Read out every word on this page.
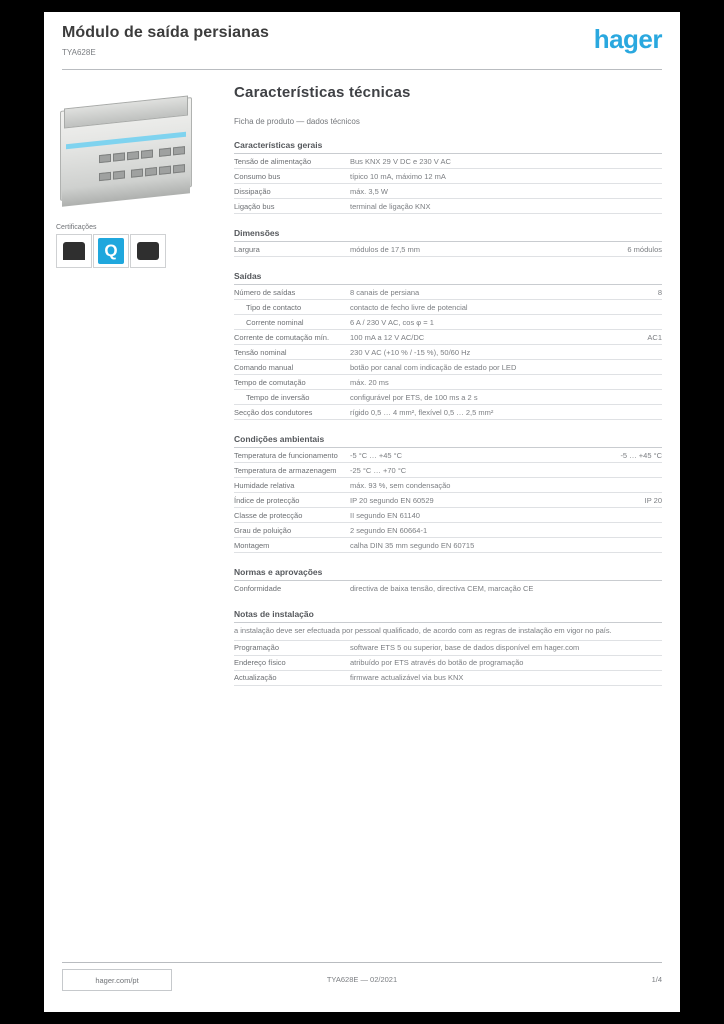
Módulo de saída persianas
TYA628E	hager

Certificações
Q
Características técnicas
Ficha de produto — dados técnicos
Características gerais
Tensão de alimentação	Bus KNX 29 V DC e 230 V AC
Consumo bus	típico 10 mA, máximo 12 mA
Dissipação	máx. 3,5 W
Ligação bus	terminal de ligação KNX
Dimensões
Largura	módulos de 17,5 mm	6 módulos
Saídas
Número de saídas	8 canais de persiana	8
Tipo de contacto	contacto de fecho livre de potencial
Corrente nominal	6 A / 230 V AC, cos φ = 1
Corrente de comutação mín.	100 mA a 12 V AC/DC	AC1
Tensão nominal	230 V AC (+10 % / -15 %), 50/60 Hz
Comando manual	botão por canal com indicação de estado por LED
Tempo de comutação	máx. 20 ms
Tempo de inversão	configurável por ETS, de 100 ms a 2 s
Secção dos condutores	rígido 0,5 … 4 mm², flexível 0,5 … 2,5 mm²
Condições ambientais
Temperatura de funcionamento	-5 °C … +45 °C	-5 … +45 °C
Temperatura de armazenagem	-25 °C … +70 °C
Humidade relativa	máx. 93 %, sem condensação
Índice de protecção	IP 20 segundo EN 60529	IP 20
Classe de protecção	II segundo EN 61140
Grau de poluição	2 segundo EN 60664-1
Montagem	calha DIN 35 mm segundo EN 60715
Normas e aprovações
Conformidade	directiva de baixa tensão, directiva CEM, marcação CE
Notas de instalação
a instalação deve ser efectuada por pessoal qualificado, de acordo com as regras de instalação em vigor no país.
Programação	software ETS 5 ou superior, base de dados disponível em hager.com
Endereço físico	atribuído por ETS através do botão de programação
Actualização	firmware actualizável via bus KNX
hager.com/pt	TYA628E — 02/2021	1/4
